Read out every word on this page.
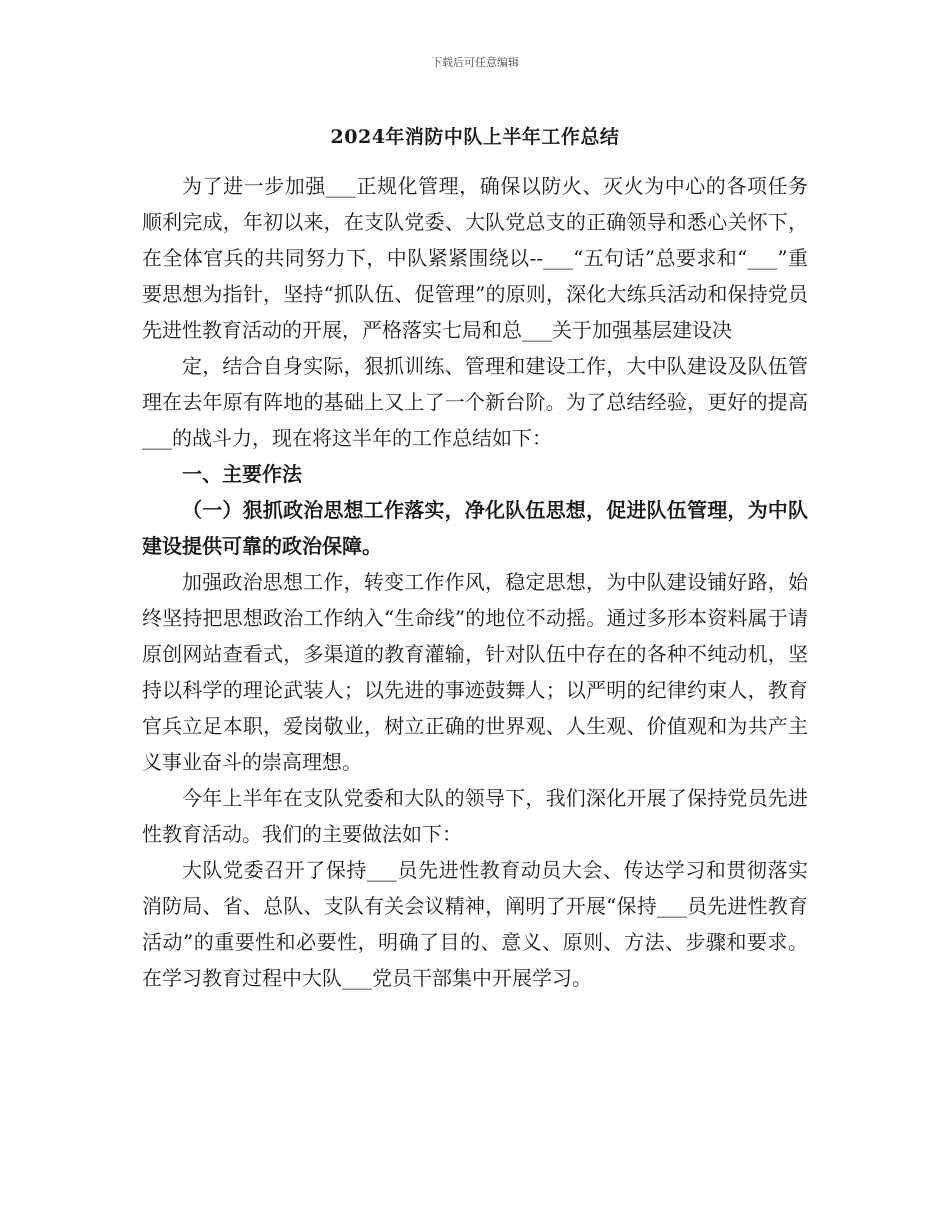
下载后可任意编辑
2024年消防中队上半年工作总结

为了进一步加强___正规化管理，确保以防火、灭火为中心的各项任务顺利完成，年初以来，在支队党委、大队党总支的正确领导和悉心关怀下，在全体官兵的共同努力下，中队紧紧围绕以--___“五句话”总要求和“___”重要思想为指针，坚持“抓队伍、促管理”的原则，深化大练兵活动和保持党员先进性教育活动的开展，严格落实七局和总___关于加强基层建设决

定，结合自身实际，狠抓训练、管理和建设工作，大中队建设及队伍管理在去年原有阵地的基础上又上了一个新台阶。为了总结经验，更好的提高___的战斗力，现在将这半年的工作总结如下：

一、主要作法

（一）狠抓政治思想工作落实，净化队伍思想，促进队伍管理，为中队建设提供可靠的政治保障。

加强政治思想工作，转变工作作风，稳定思想，为中队建设铺好路，始终坚持把思想政治工作纳入“生命线”的地位不动摇。通过多形本资料属于请原创网站查看式，多渠道的教育灌输，针对队伍中存在的各种不纯动机，坚持以科学的理论武装人；以先进的事迹鼓舞人；以严明的纪律约束人，教育官兵立足本职，爱岗敬业，树立正确的世界观、人生观、价值观和为共产主义事业奋斗的崇高理想。

今年上半年在支队党委和大队的领导下，我们深化开展了保持党员先进性教育活动。我们的主要做法如下：

大队党委召开了保持___员先进性教育动员大会、传达学习和贯彻落实消防局、省、总队、支队有关会议精神，阐明了开展“保持___员先进性教育活动”的重要性和必要性，明确了目的、意义、原则、方法、步骤和要求。在学习教育过程中大队___党员干部集中开展学习。
